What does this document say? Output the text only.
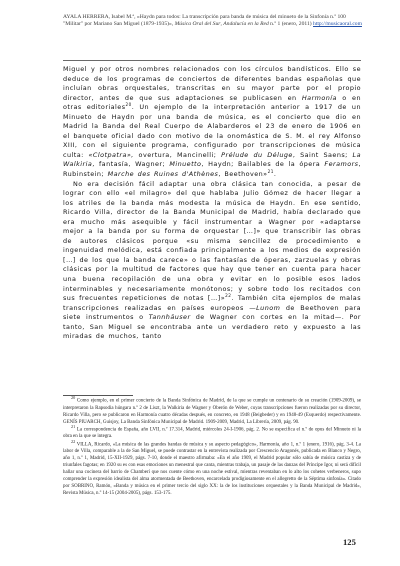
AYALA HERRERA, Isabel M.ª, «Haydn para todos: La transcripción para banda de música del minueto de la Sinfonía n.º 100 "Militar" por Mariano San Miguel (1879-1935)», Música Oral del Sur, Andalucía en la Red n.º 1 (enero, 2011) http://musicaoral.com

Miguel y por otros nombres relacionados con los círculos bandísticos. Ello se deduce de los programas de conciertos de diferentes bandas españolas que incluían obras orquestales, transcritas en su mayor parte por el propio director, antes de que sus adaptaciones se publicasen en Harmonía o en otras editoriales$^{20}$. Un ejemplo de la interpretación anterior a 1917 de un Minueto de Haydn por una banda de música, es el concierto que dio en Madrid la Banda del Real Cuerpo de Alabarderos el 23 de enero de 1906 en el banquete oficial dado con motivo de la onomástica de S. M. el rey Alfonso XIII, con el siguiente programa, configurado por transcripciones de música culta: «Clotpatra», overtura, Mancinelli; Prélude du Déluge, Saint Saens; La Walkiria, fantasía, Wagner; Minuetto, Haydn; Bailables de la ópera Feramors, Rubinstein; Marche des Ruines d'Athènes, Beethoven»$^{21}$.

No era decisión fácil adaptar una obra clásica tan conocida, a pesar de lograr con ello «el milagro» del que hablaba Julio Gómez de hacer llegar a los atriles de la banda más modesta la música de Haydn. En ese sentido, Ricardo Villa, director de la Banda Municipal de Madrid, había declarado que era mucho más asequible y fácil instrumentar a Wagner por «adaptarse mejor a la banda por su forma de orquestar […]» que transcribir las obras de autores clásicos porque «su misma sencillez de procedimiento e ingenuidad melódica, está confiada principalmente a los medios de expresión […] de los que la banda carece» o las fantasías de óperas, zarzuelas y obras clásicas por la multitud de factores que hay que tener en cuenta para hacer una buena recopilación de una obra y evitar en lo posible esos lados interminables y necesariamente monótonos; y sobre todo los recitados con sus frecuentes repeticiones de notas […]»$^{22}$. También cita ejemplos de malas transcripciones realizadas en países europeos —Lunom de Beethoven para siete instrumentos o Tannhäuser de Wagner con cortes en la mitad—. Por tanto, San Miguel se encontraba ante un verdadero reto y expuesto a las miradas de muchos, tanto

$^{20}$ Como ejemplo, en el primer concierto de la Banda Sinfónica de Madrid, de la que se cumple un centenario de su creación (1909-2009), se interpretaron la Rapsodia húngara n.º 2 de Liszt, la Walkiria de Wagner y Oberón de Weber, cuyas transcripciones fueron realizadas por su director, Ricardo Villa, pero se publicaron en Harmonía cuatro décadas después, en concreto, en 1948 (Beigbeder) y en 1948-49 (Esquerdo) respectivamente. GENÍS PIUARCH, Guisjoy, La Banda Sinfónica Municipal de Madrid. 1909-2009, Madrid, La Librería, 2009, pág. 90.

$^{21}$ La correspondencia de España, año LVII, n.º 17.314, Madrid, miércoles 24-I-1906, pág. 2. No se especifica el n.º de opus del Minueto ni la obra en la que se integra.

$^{22}$ VILLA, Ricardo, «La música de las grandes bandas de música y su aspecto pedagógico», Harmonía, año 1, n.º 1 (enero, 1916), pág. 3-4. La labor de Villa, comparable a la de San Miguel, se puede contrastar en la entrevista realizada por Crescencio Aragonés, publicada en Blanco y Negro, año 1, n.º 1, Madrid, 15-XII-1929, págs. 7-10, donde el maestro afirmaba: «En el año 1909, el Madrid popular sólo sabía de música castiza y de triunfales fagotas; en 1920 su es con esas emociones un menestral que canta, mientras trabaja, un pasaje de las danzas del Príncipe Igor, ni será difícil hallar una cocinera del barrio de Chamberí que nos cuente cómo en una noche estival, mientras reventaban en lo alto los cohetes verbeneros, supo comprender la expresión idealista del alma atormentada de Beethoven, encarcelada prodigiosamente en el allegretto de la Séptima sinfonía». Citado por SOBRINO, Ramón, «Banda y música en el primer tercio del siglo XX: la de los instituciones orquestales y la Banda Municipal de Madrid», Revista Música, n.º 14-15 (2004-2005), págs. 153-175.

125
